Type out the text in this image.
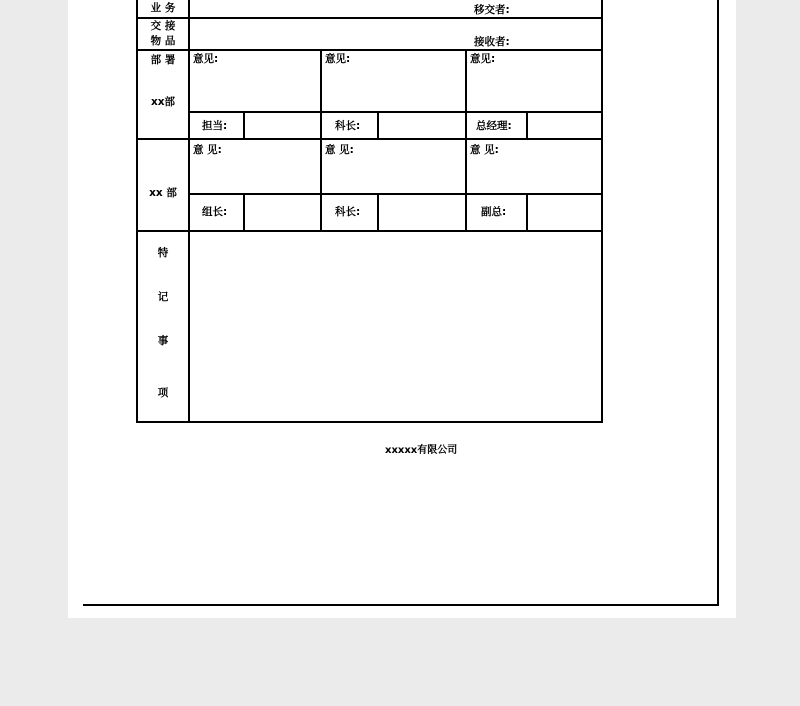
业 务	移交者:
交 接
物 品	接收者:
部 署
xx部
意见:	意见:	意见:
担当:	科长:	总经理:
xx 部
意 见:	意 见:	意 见:
组长:	科长:	副总:
特
记
事
项
xxxxx有限公司
